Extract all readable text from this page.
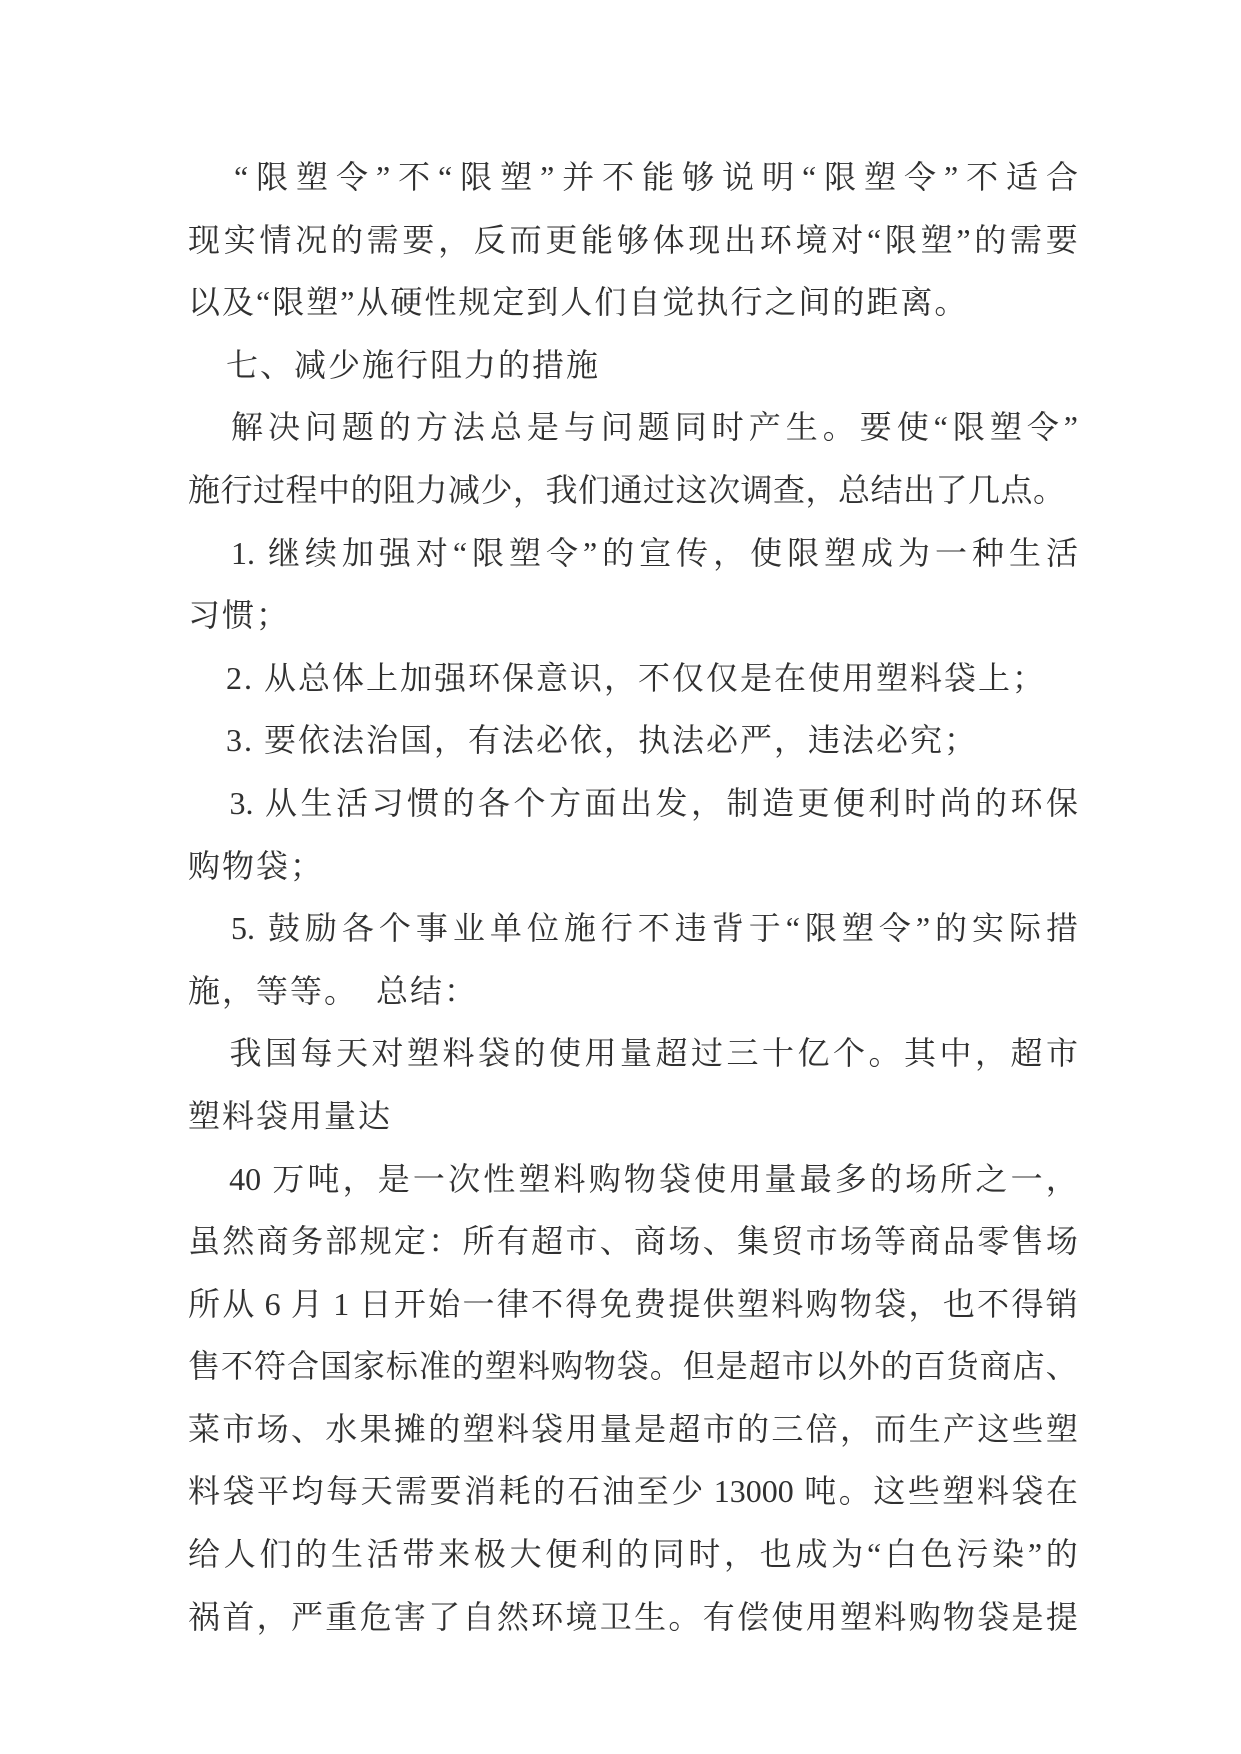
“ 限 塑 令 ” 不 “ 限 塑 ” 并 不 能 够 说 明 “ 限 塑 令 ” 不 适 合
现 实 情 况 的 需 要 ， 反 而 更 能 够 体 现 出 环 境 对 “ 限 塑 ” 的 需 要
以及“限塑”从硬性规定到人们自觉执行之间的距离。
七、减少施行阻力的措施
解 决 问 题 的 方 法 总 是 与 问 题 同 时 产 生 。 要 使 “ 限 塑 令 ”
施行过程中的阻力减少，我们通过这次调查，总结出了几点。
1. 继 续 加 强 对 “ 限 塑 令 ” 的 宣 传 ， 使 限 塑 成 为 一 种 生 活
习惯；
2. 从总体上加强环保意识，不仅仅是在使用塑料袋上；
3. 要依法治国，有法必依，执法必严，违法必究；
3. 从 生 活 习 惯 的 各 个 方 面 出 发 ， 制 造 更 便 利 时 尚 的 环 保
购物袋；
5. 鼓 励 各 个 事 业 单 位 施 行 不 违 背 于 “ 限 塑 令 ” 的 实 际 措
施，等等。　总结：
我 国 每 天 对 塑 料 袋 的 使 用 量 超 过 三 十 亿 个 。 其 中 ， 超 市
塑料袋用量达
40 万 吨 ， 是 一 次 性 塑 料 购 物 袋 使 用 量 最 多 的 场 所 之 一 ，
虽 然 商 务 部 规 定 ： 所 有 超 市 、 商 场 、 集 贸 市 场 等 商 品 零 售 场
所 从 6 月 1 日 开 始 一 律 不 得 免 费 提 供 塑 料 购 物 袋 ， 也 不 得 销
售 不 符 合 国 家 标 准 的 塑 料 购 物 袋 。 但 是 超 市 以 外 的 百 货 商 店 、
菜 市 场 、 水 果 摊 的 塑 料 袋 用 量 是 超 市 的 三 倍 ， 而 生 产 这 些 塑
料 袋 平 均 每 天 需 要 消 耗 的 石 油 至 少 13000 吨 。 这 些 塑 料 袋 在
给 人 们 的 生 活 带 来 极 大 便 利 的 同 时 ， 也 成 为 “ 白 色 污 染 ” 的
祸 首 ， 严 重 危 害 了 自 然 环 境 卫 生 。 有 偿 使 用 塑 料 购 物 袋 是 提
